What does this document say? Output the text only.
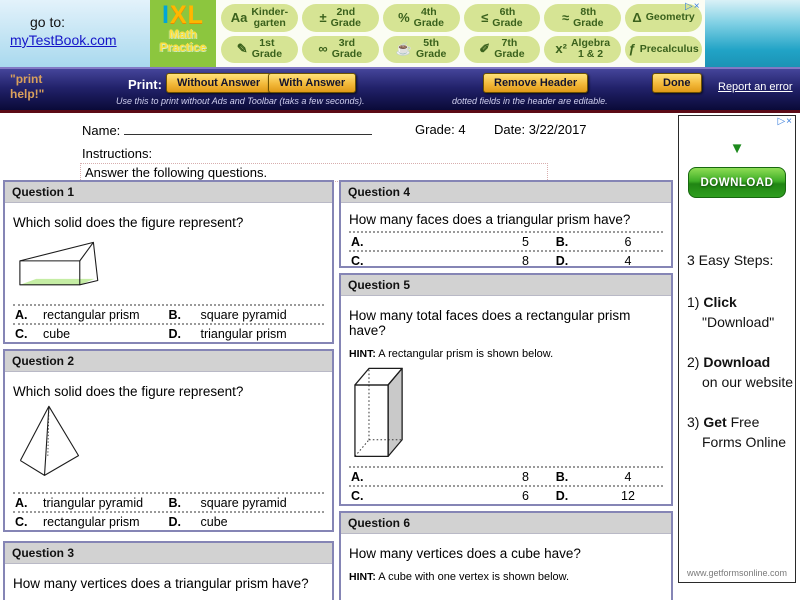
go to:
myTestBook.com
IXL
Math
Practice
Aa Kinder-
garten	± 2nd
Grade	%	4th
Grade	≤	6th
Grade	≈	8th
Grade Δ Geometry
✎	1st
Grade	∞	3rd
Grade	☕	5th
Grade	✐	7th
Grade x² Algebra
1 & 2	ƒ Precalculus
▷×
"print
help!"
Print:	Without Answer	With Answer
Use this to print without Ads and Toolbar (taks a few seconds).
Remove Header
dotted fields in the header are editable.
Done	Report an error
Name:	Grade: 4 Date: 3/22/2017
Instructions:
Answer the following questions.
Question 1
Which solid does the figure represent?
A.	rectangular prism	B.	square pyramid
C.	cube	D.	triangular prism
Question 2
Which solid does the figure represent?
A.	triangular pyramid	B.	square pyramid
C.	rectangular prism	D.	cube
Question 3
How many vertices does a triangular prism have?
Question 4
How many faces does a triangular prism have?
A.	5	B.	6
C.	8	D.	4
Question 5
How many total faces does a rectangular prism have?
HINT: A rectangular prism is shown below.
A.	8	B.	4
C.	6	D.	12
Question 6
How many vertices does a cube have?
HINT: A cube with one vertex is shown below.
▷×
▼
DOWNLOAD
3 Easy Steps:
1) Click
"Download"
2) Download
on our website
3) Get Free
Forms Online
www.getformsonline.com
